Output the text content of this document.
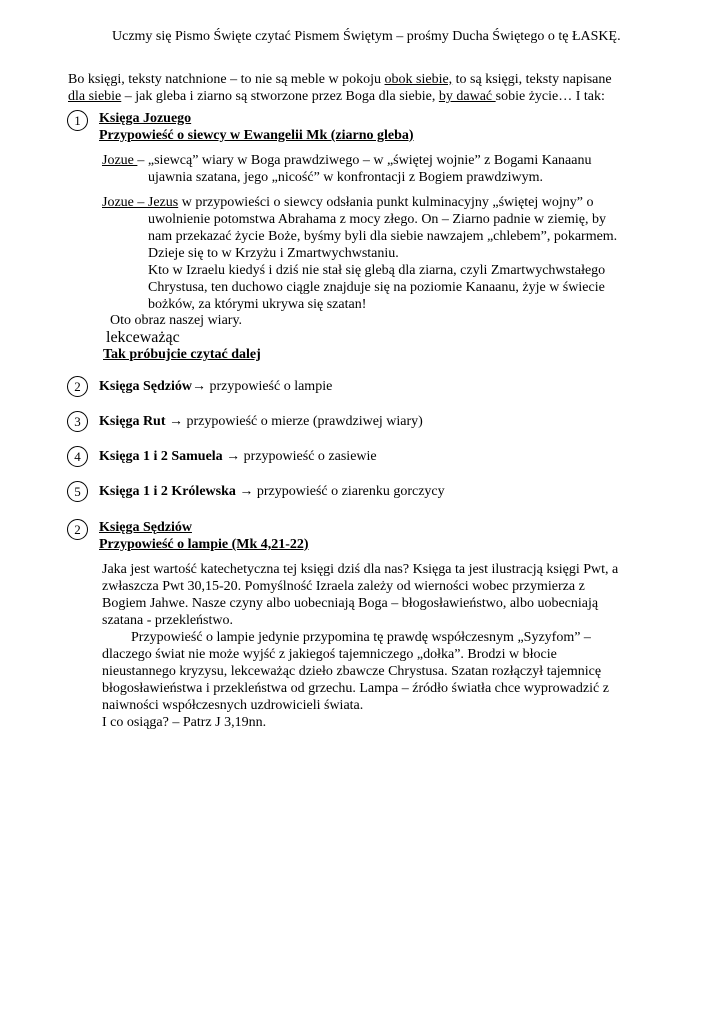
Uczmy się Pismo Święte czytać Pismem Świętym – prośmy Ducha Świętego o tę ŁASKĘ.
Bo księgi, teksty natchnione – to nie są meble w pokoju obok siebie, to są księgi, teksty napisane
dla siebie – jak gleba i ziarno są stworzone przez Boga dla siebie, by dawać sobie życie… I tak:
1	Księga Jozuego
Przypowieść o siewcy w Ewangelii Mk (ziarno gleba)
Jozue – „siewcą” wiary w Boga prawdziwego – w „świętej wojnie” z Bogami Kanaanu
ujawnia szatana, jego „nicość” w konfrontacji z Bogiem prawdziwym.
Jozue – Jezus w przypowieści o siewcy odsłania punkt kulminacyjny „świętej wojny” o
uwolnienie potomstwa Abrahama z mocy złego. On – Ziarno padnie w ziemię, by
nam przekazać życie Boże, byśmy byli dla siebie nawzajem „chlebem”, pokarmem.
Dzieje się to w Krzyżu i Zmartwychwstaniu.
Kto w Izraelu kiedyś i dziś nie stał się glebą dla ziarna, czyli Zmartwychwstałego
Chrystusa, ten duchowo ciągle znajduje się na poziomie Kanaanu, żyje w świecie
bożków, za którymi ukrywa się szatan!
Oto obraz naszej wiary.
lekceważąc
Tak próbujcie czytać dalej
2	Księga Sędziów→ przypowieść o lampie
3	Księga Rut → przypowieść o mierze (prawdziwej wiary)
4	Księga 1 i 2 Samuela → przypowieść o zasiewie
5	Księga 1 i 2 Królewska → przypowieść o ziarenku gorczycy
2	Księga Sędziów
Przypowieść o lampie (Mk 4,21-22)
Jaka jest wartość katechetyczna tej księgi dziś dla nas? Księga ta jest ilustracją księgi Pwt, a
zwłaszcza Pwt 30,15-20. Pomyślność Izraela zależy od wierności wobec przymierza z
Bogiem Jahwe. Nasze czyny albo uobecniają Boga – błogosławieństwo, albo uobecniają
szatana - przekleństwo.
Przypowieść o lampie jedynie przypomina tę prawdę współczesnym „Syzyfom” –
dlaczego świat nie może wyjść z jakiegoś tajemniczego „dołka”. Brodzi w błocie
nieustannego kryzysu, lekceważąc dzieło zbawcze Chrystusa. Szatan rozłączył tajemnicę
błogosławieństwa i przekleństwa od grzechu. Lampa – źródło światła chce wyprowadzić z
naiwności współczesnych uzdrowicieli świata.
I co osiąga? – Patrz J 3,19nn.
